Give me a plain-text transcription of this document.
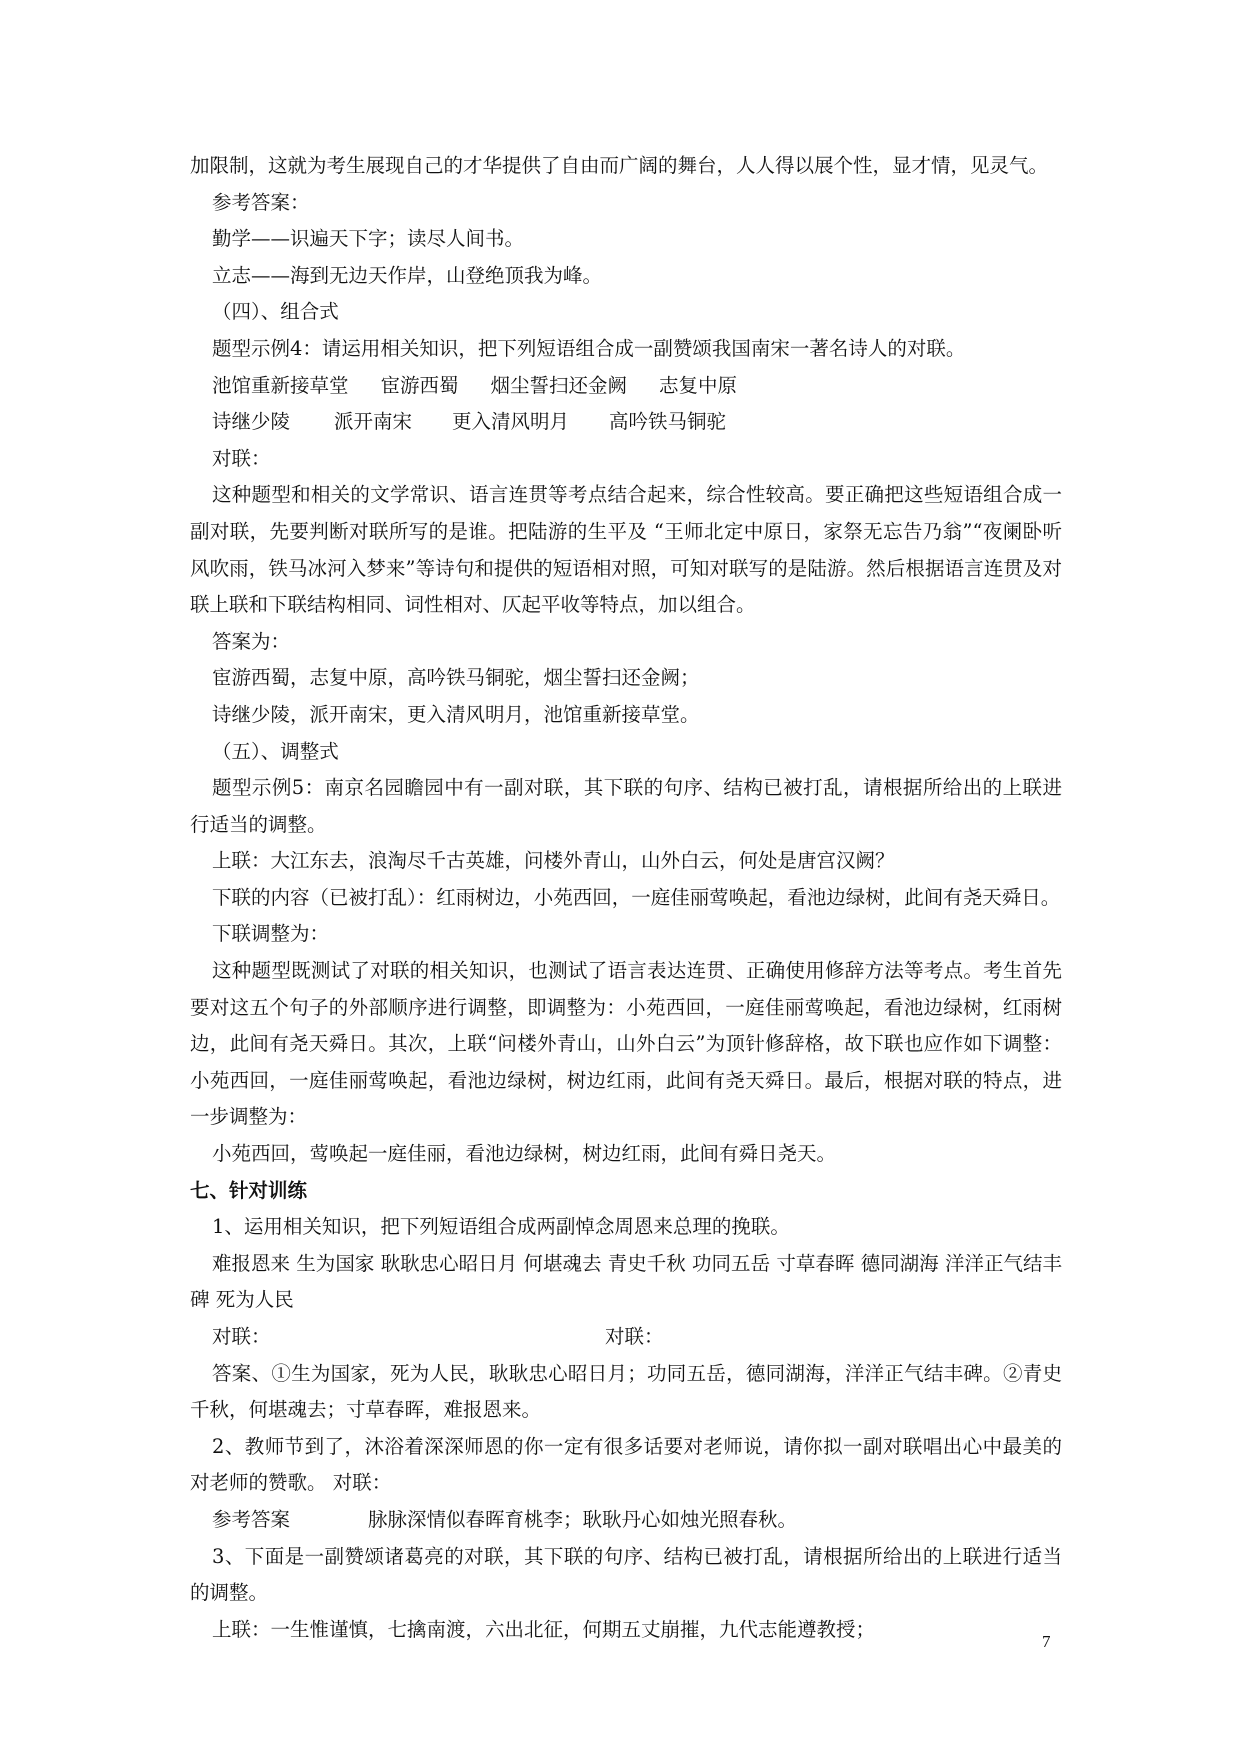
加限制，这就为考生展现自己的才华提供了自由而广阔的舞台，人人得以展个性，显才情，见灵气。

参考答案：

勤学——识遍天下字；读尽人间书。

立志——海到无边天作岸，山登绝顶我为峰。

（四）、组合式

题型示例4：请运用相关知识，把下列短语组合成一副赞颂我国南宋一著名诗人的对联。

池馆重新接草堂 宦游西蜀 烟尘誓扫还金阙 志复中原

诗继少陵 派开南宋 更入清风明月 高吟铁马铜驼

对联：

这种题型和相关的文学常识、语言连贯等考点结合起来，综合性较高。要正确把这些短语组合成一副对联，先要判断对联所写的是谁。把陆游的生平及 “王师北定中原日，家祭无忘告乃翁”“夜阑卧听风吹雨，铁马冰河入梦来”等诗句和提供的短语相对照，可知对联写的是陆游。然后根据语言连贯及对联上联和下联结构相同、词性相对、仄起平收等特点，加以组合。

答案为：

宦游西蜀，志复中原，高吟铁马铜驼，烟尘誓扫还金阙；

诗继少陵，派开南宋，更入清风明月，池馆重新接草堂。

（五）、调整式

题型示例5：南京名园瞻园中有一副对联，其下联的句序、结构已被打乱，请根据所给出的上联进行适当的调整。

上联：大江东去，浪淘尽千古英雄，问楼外青山，山外白云，何处是唐宫汉阙？

下联的内容（已被打乱）：红雨树边，小苑西回，一庭佳丽莺唤起，看池边绿树，此间有尧天舜日。

下联调整为：

这种题型既测试了对联的相关知识，也测试了语言表达连贯、正确使用修辞方法等考点。考生首先要对这五个句子的外部顺序进行调整，即调整为：小苑西回，一庭佳丽莺唤起，看池边绿树，红雨树边，此间有尧天舜日。其次，上联“问楼外青山，山外白云”为顶针修辞格，故下联也应作如下调整：小苑西回，一庭佳丽莺唤起，看池边绿树，树边红雨，此间有尧天舜日。最后，根据对联的特点，进一步调整为：

小苑西回，莺唤起一庭佳丽，看池边绿树，树边红雨，此间有舜日尧天。

七、针对训练

1、运用相关知识，把下列短语组合成两副悼念周恩来总理的挽联。

难报恩来 生为国家 耿耿忠心昭日月 何堪魂去 青史千秋 功同五岳 寸草春晖 德同湖海 洋洋正气结丰碑 死为人民

对联：	对联：

答案、①生为国家，死为人民，耿耿忠心昭日月；功同五岳，德同湖海，洋洋正气结丰碑。②青史千秋，何堪魂去；寸草春晖，难报恩来。

2、教师节到了，沐浴着深深师恩的你一定有很多话要对老师说，请你拟一副对联唱出心中最美的对老师的赞歌。 对联：

参考答案	脉脉深情似春晖育桃李；耿耿丹心如烛光照春秋。

3、下面是一副赞颂诸葛亮的对联，其下联的句序、结构已被打乱，请根据所给出的上联进行适当的调整。

上联：一生惟谨慎，七擒南渡，六出北征，何期五丈崩摧，九代志能遵教授；

7
